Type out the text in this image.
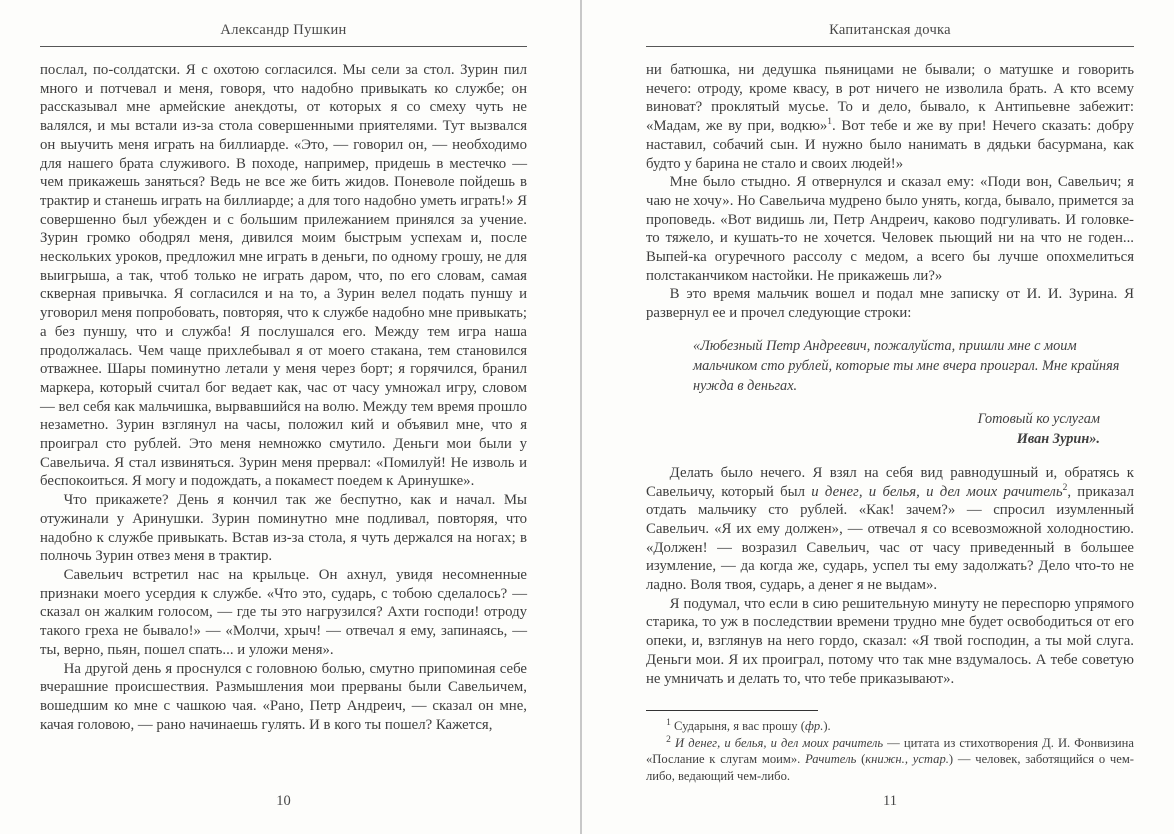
Александр Пушкин

послал, по-солдатски. Я с охотою согласился. Мы сели за стол. Зурин пил много и потчевал и меня, говоря, что надобно привыкать ко службе; он рассказывал мне армейские анекдоты, от которых я со смеху чуть не валялся, и мы встали из-за стола совершенными приятелями. Тут вызвался он выучить меня играть на биллиарде. «Это, — говорил он, — необходимо для нашего брата служивого. В походе, например, придешь в местечко — чем прикажешь заняться? Ведь не все же бить жидов. Поневоле пойдешь в трактир и станешь играть на биллиарде; а для того надобно уметь играть!» Я совершенно был убежден и с большим прилежанием принялся за учение. Зурин громко ободрял меня, дивился моим быстрым успехам и, после нескольких уроков, предложил мне играть в деньги, по одному грошу, не для выигрыша, а так, чтоб только не играть даром, что, по его словам, самая скверная привычка. Я согласился и на то, а Зурин велел подать пуншу и уговорил меня попробовать, повторяя, что к службе надобно мне привыкать; а без пуншу, что и служба! Я послушался его. Между тем игра наша продолжалась. Чем чаще прихлебывал я от моего стакана, тем становился отважнее. Шары поминутно летали у меня через борт; я горячился, бранил маркера, который считал бог ведает как, час от часу умножал игру, словом — вел себя как мальчишка, вырвавшийся на волю. Между тем время прошло незаметно. Зурин взглянул на часы, положил кий и объявил мне, что я проиграл сто рублей. Это меня немножко смутило. Деньги мои были у Савельича. Я стал извиняться. Зурин меня прервал: «Помилуй! Не изволь и беспокоиться. Я могу и подождать, а покамест поедем к Аринушке».

Что прикажете? День я кончил так же беспутно, как и начал. Мы отужинали у Аринушки. Зурин поминутно мне подливал, повторяя, что надобно к службе привыкать. Встав из-за стола, я чуть держался на ногах; в полночь Зурин отвез меня в трактир.

Савельич встретил нас на крыльце. Он ахнул, увидя несомненные признаки моего усердия к службе. «Что это, сударь, с тобою сделалось? — сказал он жалким голосом, — где ты это нагрузился? Ахти господи! отроду такого греха не бывало!» — «Молчи, хрыч! — отвечал я ему, запинаясь, — ты, верно, пьян, пошел спать... и уложи меня».

На другой день я проснулся с головною болью, смутно припоминая себе вчерашние происшествия. Размышления мои прерваны были Савельичем, вошедшим ко мне с чашкою чая. «Рано, Петр Андреич, — сказал он мне, качая головою, — рано начинаешь гулять. И в кого ты пошел? Кажется,

10
Капитанская дочка

ни батюшка, ни дедушка пьяницами не бывали; о матушке и говорить нечего: отроду, кроме квасу, в рот ничего не изволила брать. А кто всему виноват? проклятый мусье. То и дело, бывало, к Антипьевне забежит: «Мадам, же ву при, водкю»$^1$. Вот тебе и же ву при! Нечего сказать: добру наставил, собачий сын. И нужно было нанимать в дядьки басурмана, как будто у барина не стало и своих людей!»

Мне было стыдно. Я отвернулся и сказал ему: «Поди вон, Савельич; я чаю не хочу». Но Савельича мудрено было унять, когда, бывало, примется за проповедь. «Вот видишь ли, Петр Андреич, каково подгуливать. И головке-то тяжело, и кушать-то не хочется. Человек пьющий ни на что не годен... Выпей-ка огуречного рассолу с медом, а всего бы лучше опохмелиться полстаканчиком настойки. Не прикажешь ли?»

В это время мальчик вошел и подал мне записку от И. И. Зурина. Я развернул ее и прочел следующие строки:

«Любезный Петр Андреевич, пожалуйста, пришли мне с моим мальчиком сто рублей, которые ты мне вчера проиграл. Мне крайняя нужда в деньгах.

Готовый ко услугам

Иван Зурин».

Делать было нечего. Я взял на себя вид равнодушный и, обратясь к Савельичу, который был и денег, и белья, и дел моих рачитель$^2$, приказал отдать мальчику сто рублей. «Как! зачем?» — спросил изумленный Савельич. «Я их ему должен», — отвечал я со всевозможной холодностию. «Должен! — возразил Савельич, час от часу приведенный в большее изумление, — да когда же, сударь, успел ты ему задолжать? Дело что-то не ладно. Воля твоя, сударь, а денег я не выдам».

Я подумал, что если в сию решительную минуту не переспорю упрямого старика, то уж в последствии времени трудно мне будет освободиться от его опеки, и, взглянув на него гордо, сказал: «Я твой господин, а ты мой слуга. Деньги мои. Я их проиграл, потому что так мне вздумалось. А тебе советую не умничать и делать то, что тебе приказывают».

$^1$ Сударыня, я вас прошу (фр.).

$^2$ И денег, и белья, и дел моих рачитель — цитата из стихотворения Д. И. Фонвизина «Послание к слугам моим». Рачитель (книжн., устар.) — человек, заботящийся о чем-либо, ведающий чем-либо.

11
